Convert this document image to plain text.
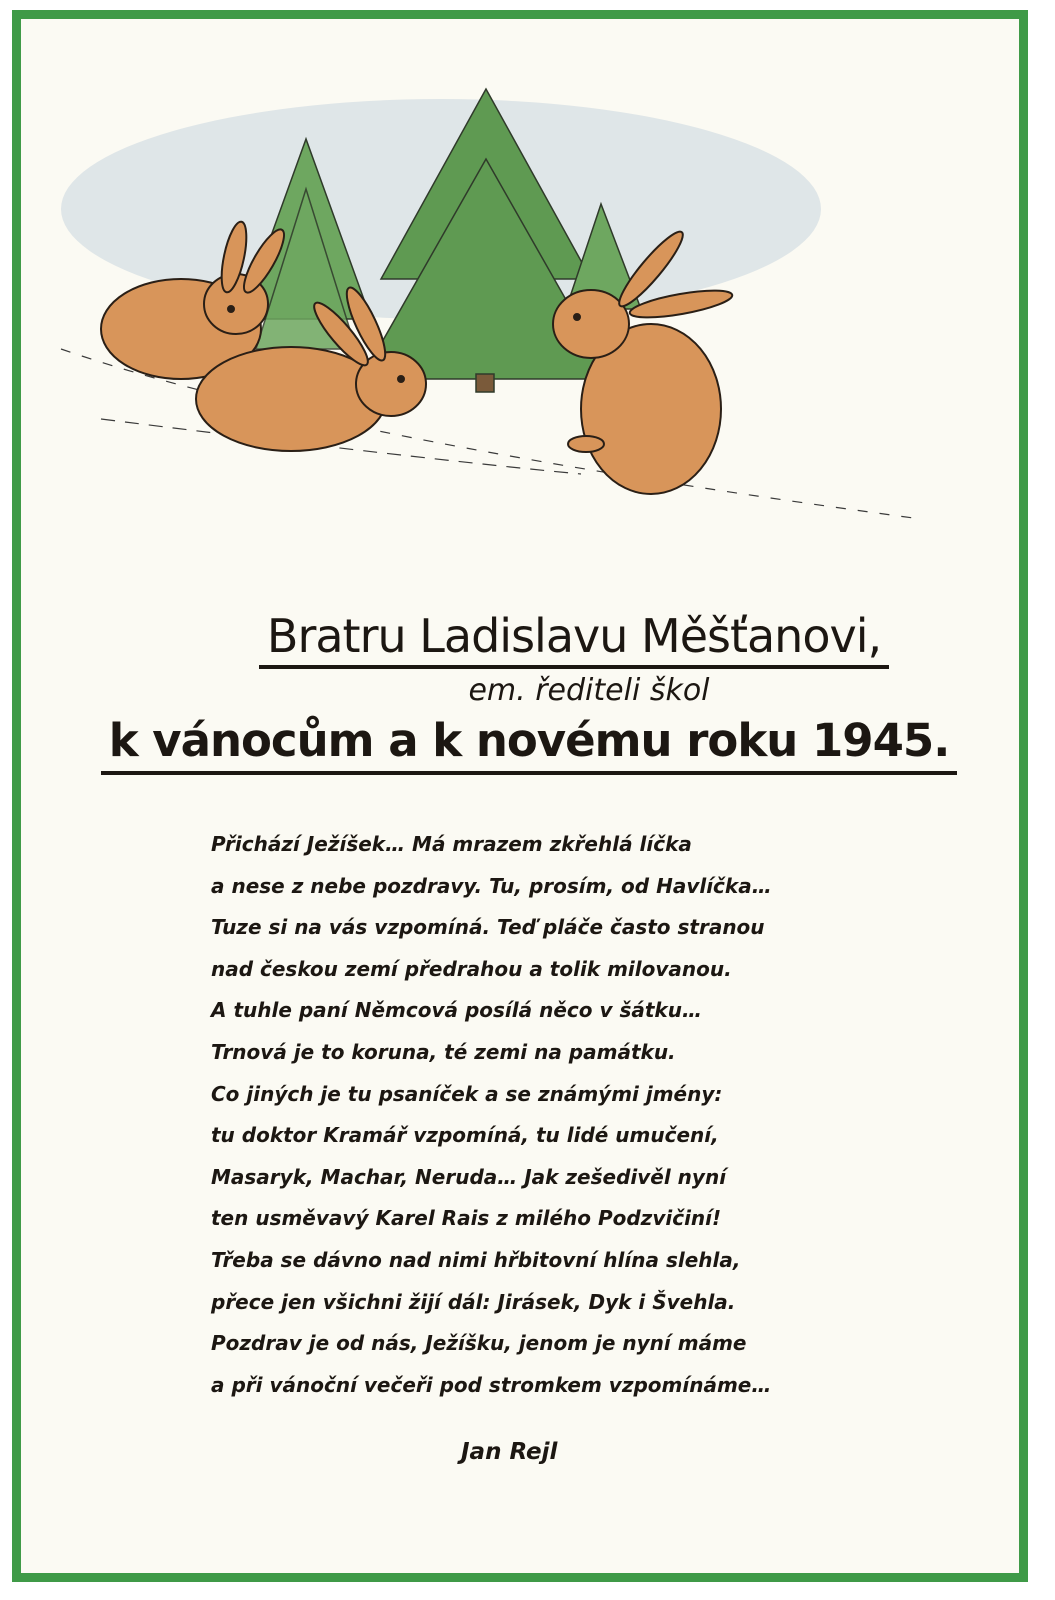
Bratru Ladislavu Měšťanovi,
em. řediteli škol
k vánocům a k novému roku 1945.
Přichází Ježíšek… Má mrazem zkřehlá líčka
a nese z nebe pozdravy. Tu, prosím, od Havlíčka…
Tuze si na vás vzpomíná. Teď pláče často stranou
nad českou zemí předrahou a tolik milovanou.
A tuhle paní Němcová posílá něco v šátku…
Trnová je to koruna, té zemi na památku.
Co jiných je tu psaníček a se známými jmény:
tu doktor Kramář vzpomíná, tu lidé umučení,
Masaryk, Machar, Neruda… Jak zešedivěl nyní
ten usměvavý Karel Rais z milého Podzvičiní!
Třeba se dávno nad nimi hřbitovní hlína slehla,
přece jen všichni žijí dál: Jirásek, Dyk i Švehla.
Pozdrav je od nás, Ježíšku, jenom je nyní máme
a při vánoční večeři pod stromkem vzpomínáme…
Jan Rejl
